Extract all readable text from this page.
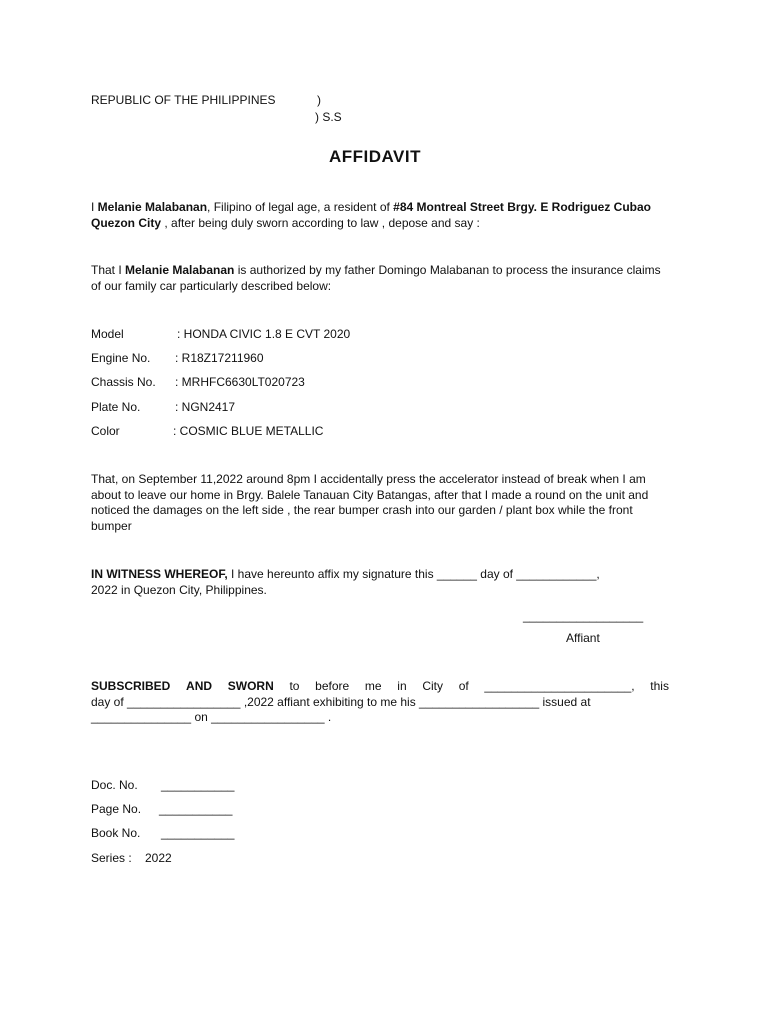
REPUBLIC OF THE PHILIPPINES	)
) S.S
AFFIDAVIT
I Melanie Malabanan, Filipino of legal age, a resident of #84 Montreal Street Brgy. E Rodriguez Cubao Quezon City , after being duly sworn according to law , depose and say :
That I Melanie Malabanan is authorized by my father Domingo Malabanan to process the insurance claims of our family car particularly described below:
Model	: HONDA CIVIC 1.8 E CVT 2020
Engine No. : R18Z17211960
Chassis No. : MRHFC6630LT020723
Plate No.	: NGN2417
Color	: COSMIC BLUE METALLIC
That, on September 11,2022 around 8pm I accidentally press the accelerator instead of break when I am about to leave our home in Brgy. Balele Tanauan City Batangas, after that I made a round on the unit and noticed the damages on the left side , the rear bumper crash into our garden / plant box while the front bumper
IN WITNESS WHEREOF, I have hereunto affix my signature this ______ day of ____________,
2022 in Quezon City, Philippines.
__________________
Affiant
SUBSCRIBED AND SWORN to before me in City of ______________________, this
day of _________________ ,2022 affiant exhibiting to me his __________________ issued at
_______________ on _________________ .
Doc. No. ___________
Page No. ___________
Book No. ___________
Series : 2022
